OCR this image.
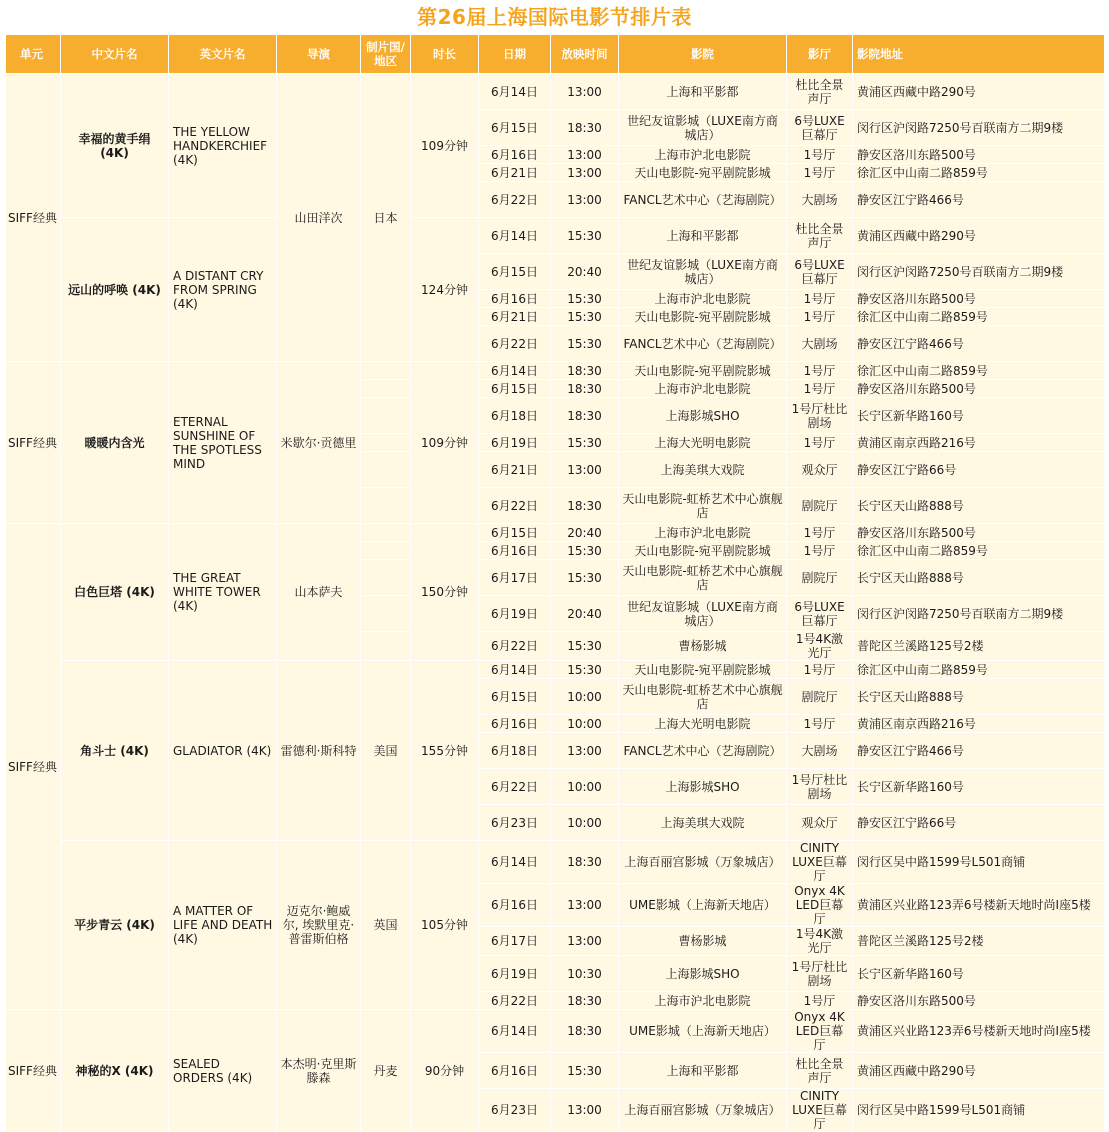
第26届上海国际电影节排片表
单元	中文片名	英文片名	导演	制片国/地区	时长	日期	放映时间	影院	影厅	影院地址
SIFF经典	幸福的黄手绢 (4K)	THE YELLOW HANDKERCHIEF (4K)	山田洋次	日本	109分钟	6月14日	13:00	上海和平影都	杜比全景声厅	黄浦区西藏中路290号
						6月15日	18:30	世纪友谊影城（LUXE南方商城店）	6号LUXE巨幕厅	闵行区沪闵路7250号百联南方二期9楼
						6月16日	13:00	上海市沪北电影院	1号厅	静安区洛川东路500号
						6月21日	13:00	天山电影院-宛平剧院影城	1号厅	徐汇区中山南二路859号
						6月22日	13:00	FANCL艺术中心（艺海剧院）	大剧场	静安区江宁路466号
	远山的呼唤 (4K)	A DISTANT CRY FROM SPRING (4K)			124分钟	6月14日	15:30	上海和平影都	杜比全景声厅	黄浦区西藏中路290号
						6月15日	20:40	世纪友谊影城（LUXE南方商城店）	6号LUXE巨幕厅	闵行区沪闵路7250号百联南方二期9楼
						6月16日	15:30	上海市沪北电影院	1号厅	静安区洛川东路500号
						6月21日	15:30	天山电影院-宛平剧院影城	1号厅	徐汇区中山南二路859号
						6月22日	15:30	FANCL艺术中心（艺海剧院）	大剧场	静安区江宁路466号
SIFF经典	暖暖内含光	ETERNAL SUNSHINE OF THE SPOTLESS MIND	米歇尔·贡德里		109分钟	6月14日	18:30	天山电影院-宛平剧院影城	1号厅	徐汇区中山南二路859号
						6月15日	18:30	上海市沪北电影院	1号厅	静安区洛川东路500号
						6月18日	18:30	上海影城SHO	1号厅杜比剧场	长宁区新华路160号
						6月19日	15:30	上海大光明电影院	1号厅	黄浦区南京西路216号
						6月21日	13:00	上海美琪大戏院	观众厅	静安区江宁路66号
						6月22日	18:30	天山电影院-虹桥艺术中心旗舰店	剧院厅	长宁区天山路888号
SIFF经典	白色巨塔 (4K)	THE GREAT WHITE TOWER (4K)	山本萨夫		150分钟	6月15日	20:40	上海市沪北电影院	1号厅	静安区洛川东路500号
						6月16日	15:30	天山电影院-宛平剧院影城	1号厅	徐汇区中山南二路859号
						6月17日	15:30	天山电影院-虹桥艺术中心旗舰店	剧院厅	长宁区天山路888号
						6月19日	20:40	世纪友谊影城（LUXE南方商城店）	6号LUXE巨幕厅	闵行区沪闵路7250号百联南方二期9楼
						6月22日	15:30	曹杨影城	1号4K激光厅	普陀区兰溪路125号2楼
	角斗士 (4K)	GLADIATOR (4K)	雷德利·斯科特	美国	155分钟	6月14日	15:30	天山电影院-宛平剧院影城	1号厅	徐汇区中山南二路859号
						6月15日	10:00	天山电影院-虹桥艺术中心旗舰店	剧院厅	长宁区天山路888号
						6月16日	10:00	上海大光明电影院	1号厅	黄浦区南京西路216号
						6月18日	13:00	FANCL艺术中心（艺海剧院）	大剧场	静安区江宁路466号
						6月22日	10:00	上海影城SHO	1号厅杜比剧场	长宁区新华路160号
						6月23日	10:00	上海美琪大戏院	观众厅	静安区江宁路66号
	平步青云 (4K)	A MATTER OF LIFE AND DEATH (4K)	迈克尔·鲍威尔, 埃默里克·普雷斯伯格	英国	105分钟	6月14日	18:30	上海百丽宫影城（万象城店）	CINITY LUXE巨幕厅	闵行区吴中路1599号L501商铺
						6月16日	13:00	UME影城（上海新天地店）	Onyx 4K LED巨幕厅	黄浦区兴业路123弄6号楼新天地时尚I座5楼
						6月17日	13:00	曹杨影城	1号4K激光厅	普陀区兰溪路125号2楼
						6月19日	10:30	上海影城SHO	1号厅杜比剧场	长宁区新华路160号
						6月22日	18:30	上海市沪北电影院	1号厅	静安区洛川东路500号
SIFF经典	神秘的X (4K)	SEALED ORDERS (4K)	本杰明·克里斯滕森	丹麦	90分钟	6月14日	18:30	UME影城（上海新天地店）	Onyx 4K LED巨幕厅	黄浦区兴业路123弄6号楼新天地时尚I座5楼
						6月16日	15:30	上海和平影都	杜比全景声厅	黄浦区西藏中路290号
						6月23日	13:00	上海百丽宫影城（万象城店）	CINITY LUXE巨幕厅	闵行区吴中路1599号L501商铺
